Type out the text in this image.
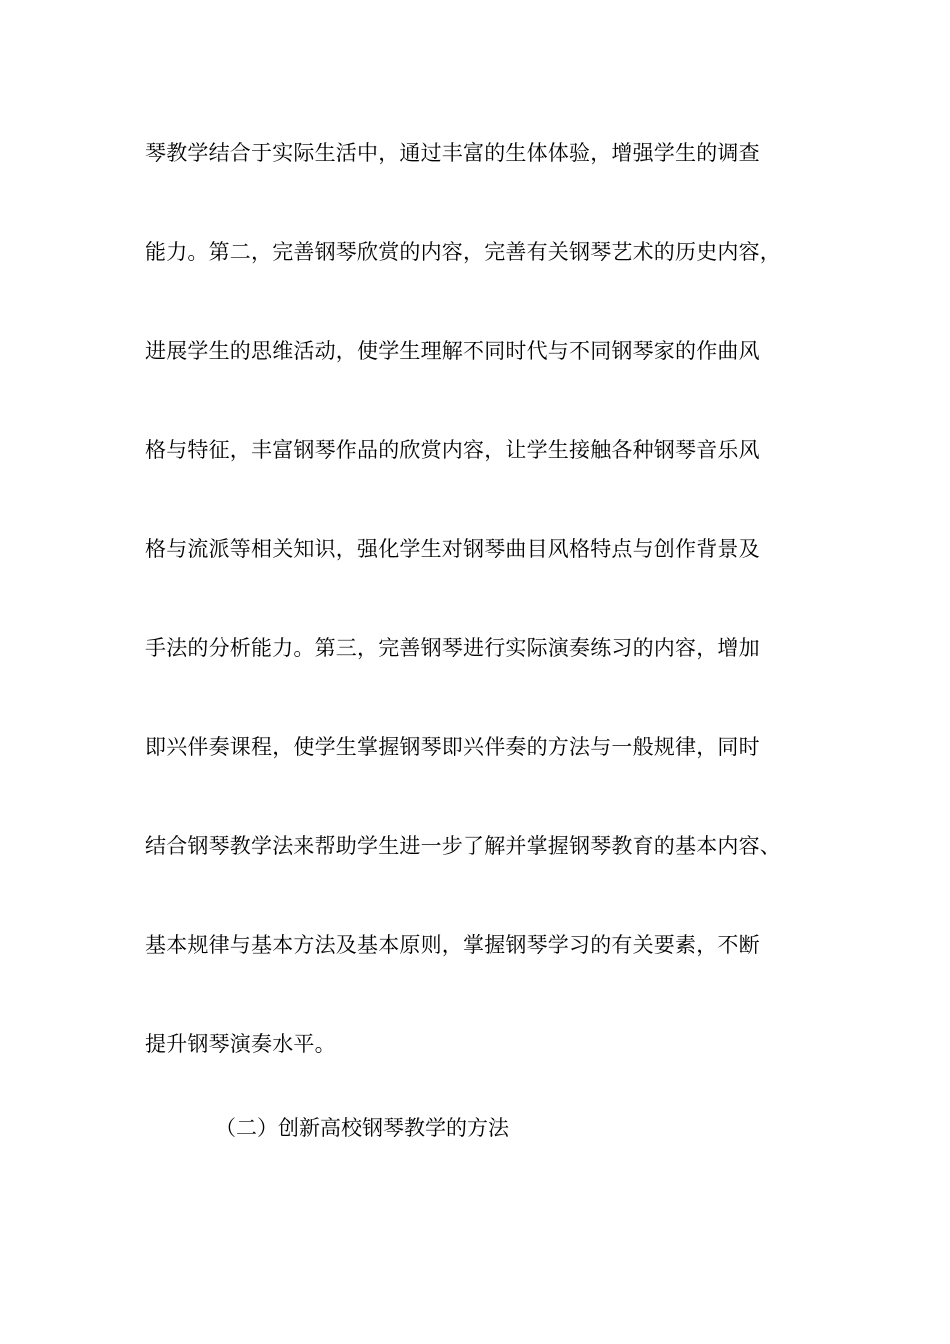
琴教学结合于实际生活中，通过丰富的生体体验，增强学生的调查
能力。第二，完善钢琴欣赏的内容，完善有关钢琴艺术的历史内容，
进展学生的思维活动，使学生理解不同时代与不同钢琴家的作曲风
格与特征，丰富钢琴作品的欣赏内容，让学生接触各种钢琴音乐风
格与流派等相关知识，强化学生对钢琴曲目风格特点与创作背景及
手法的分析能力。第三，完善钢琴进行实际演奏练习的内容，增加
即兴伴奏课程，使学生掌握钢琴即兴伴奏的方法与一般规律，同时
结合钢琴教学法来帮助学生进一步了解并掌握钢琴教育的基本内容、
基本规律与基本方法及基本原则，掌握钢琴学习的有关要素，不断
提升钢琴演奏水平。
（二）创新高校钢琴教学的方法
